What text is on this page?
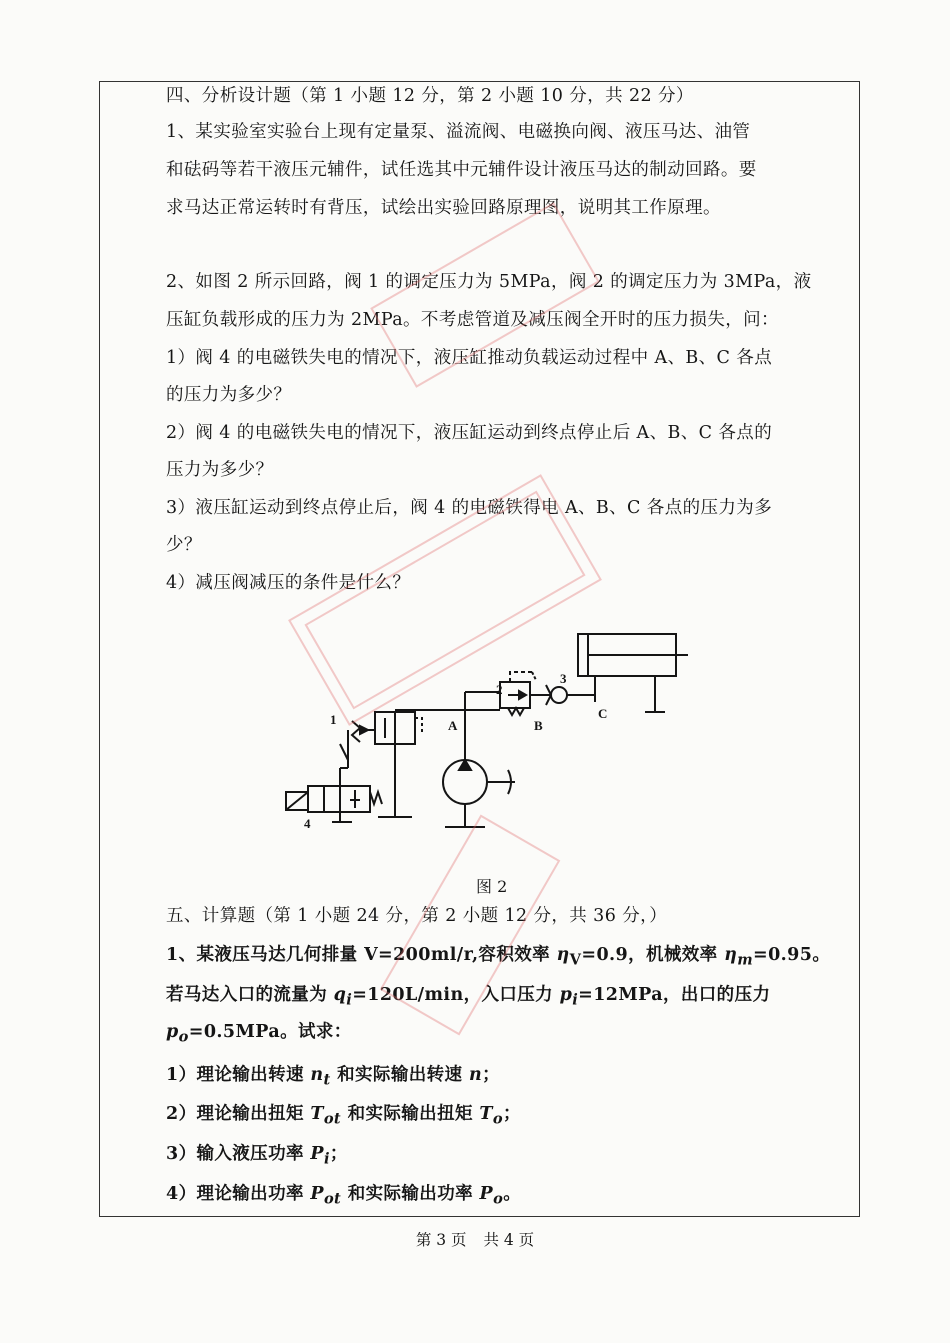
四、分析设计题（第 1 小题 12 分，第 2 小题 10 分，共 22 分）
1、某实验室实验台上现有定量泵、溢流阀、电磁换向阀、液压马达、油管
和砝码等若干液压元辅件，试任选其中元辅件设计液压马达的制动回路。要
求马达正常运转时有背压，试绘出实验回路原理图，说明其工作原理。
2、如图 2 所示回路，阀 1 的调定压力为 5MPa，阀 2 的调定压力为 3MPa，液
压缸负载形成的压力为 2MPa。不考虑管道及减压阀全开时的压力损失，问：
1）阀 4 的电磁铁失电的情况下，液压缸推动负载运动过程中 A、B、C 各点
的压力为多少？
2）阀 4 的电磁铁失电的情况下，液压缸运动到终点停止后 A、B、C 各点的
压力为多少？
3）液压缸运动到终点停止后，阀 4 的电磁铁得电 A、B、C 各点的压力为多
少？
4）减压阀减压的条件是什么？
1
2
3
4
A	B
C
图 2
五、计算题（第 1 小题 24 分，第 2 小题 12 分，共 36 分，）
1、某液压马达几何排量 V=200ml/r,容积效率 $\eta_V=0.9$，机械效率 $\eta_m=0.95$。
若马达入口的流量为 $q_i=120L/\min$，入口压力 $p_i=12MPa$，出口的压力
$p_o=0.5MPa$。试求：
1）理论输出转速 $n_t$ 和实际输出转速 n；
2）理论输出扭矩 $T_{ot}$ 和实际输出扭矩 $T_o$；
3）输入液压功率 $P_i$；
4）理论输出功率 $P_{ot}$ 和实际输出功率 $P_o$。
第 3 页 共 4 页
